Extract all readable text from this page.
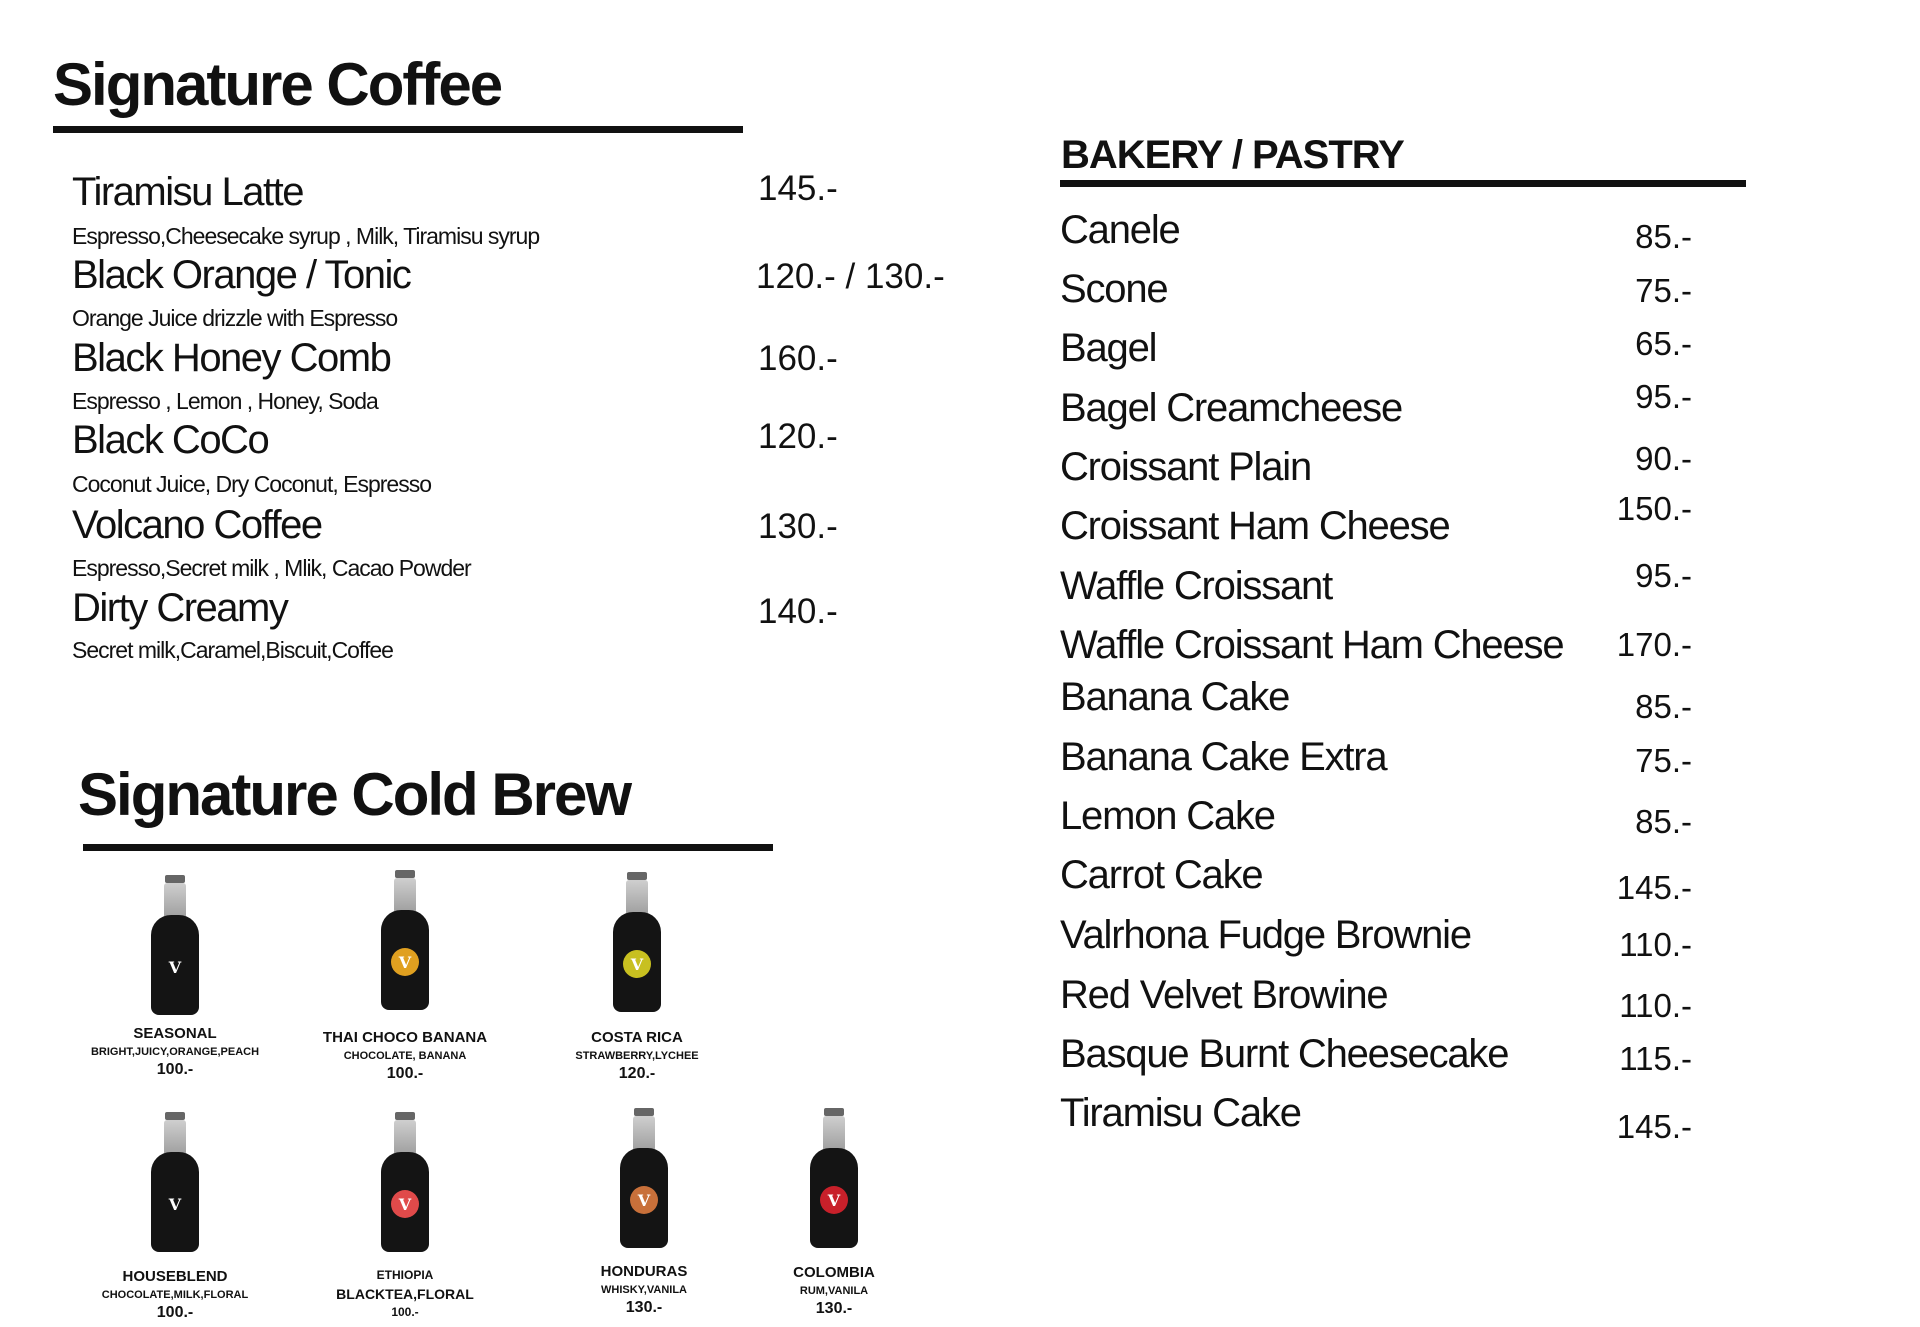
Signature Coffee
Tiramisu Latte
Espresso,Cheesecake syrup , Milk, Tiramisu syrup
145.-
Black Orange / Tonic
Orange Juice drizzle with Espresso
120.- / 130.-
Black Honey Comb
Espresso , Lemon , Honey, Soda
160.-
Black CoCo
Coconut Juice, Dry Coconut, Espresso
120.-
Volcano Coffee
Espresso,Secret milk , Mlik, Cacao Powder
130.-
Dirty Creamy
Secret milk,Caramel,Biscuit,Coffee
140.-
Signature Cold Brew
V
SEASONAL
BRIGHT,JUICY,ORANGE,PEACH
100.-
V
THAI CHOCO BANANA
CHOCOLATE, BANANA
100.-
V
COSTA RICA
STRAWBERRY,LYCHEE
120.-
V
HOUSEBLEND
CHOCOLATE,MILK,FLORAL
100.-
V
ETHIOPIA
BLACKTEA,FLORAL
100.-
V
HONDURAS
WHISKY,VANILA
130.-
V
COLOMBIA
RUM,VANILA
130.-
BAKERY / PASTRY
Canele	85.-
Scone	75.-
Bagel	65.-
Bagel Creamcheese	95.-
Croissant Plain	90.-
Croissant Ham Cheese	150.-
Waffle Croissant	95.-
Waffle Croissant Ham Cheese 170.-
Banana Cake	85.-
Banana Cake Extra	75.-
Lemon Cake	85.-
Carrot Cake	145.-
Valrhona Fudge Brownie	110.-
Red Velvet Browine	110.-
Basque Burnt Cheesecake	115.-
Tiramisu Cake	145.-
